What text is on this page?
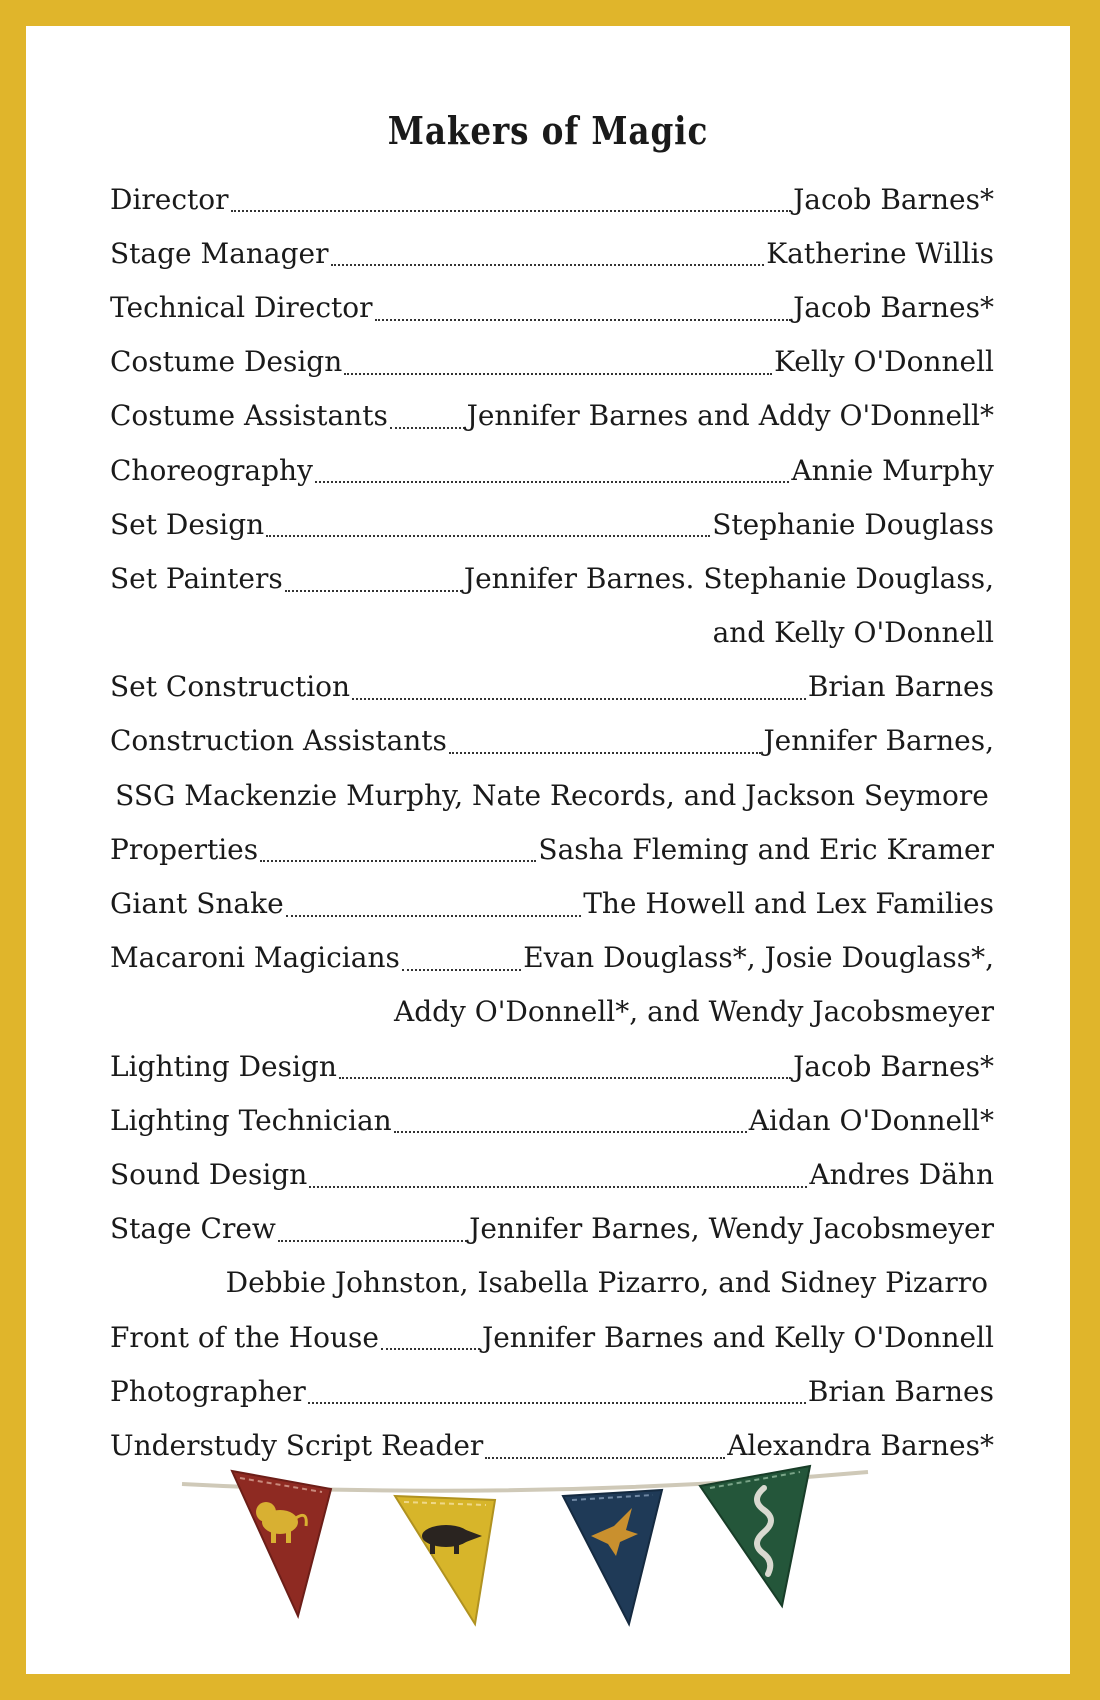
Makers of Magic
Director	Jacob Barnes*
Stage Manager	Katherine Willis
Technical Director	Jacob Barnes*
Costume Design	Kelly O'Donnell
Costume Assistants	Jennifer Barnes and Addy O'Donnell*
Choreography	Annie Murphy
Set Design	Stephanie Douglass
Set Painters	Jennifer Barnes. Stephanie Douglass,
and Kelly O'Donnell
Set Construction	Brian Barnes
Construction Assistants	Jennifer Barnes,
SSG Mackenzie Murphy, Nate Records, and Jackson Seymore
Properties	Sasha Fleming and Eric Kramer
Giant Snake	The Howell and Lex Families
Macaroni Magicians	Evan Douglass*, Josie Douglass*,
Addy O'Donnell*, and Wendy Jacobsmeyer
Lighting Design	Jacob Barnes*
Lighting Technician	Aidan O'Donnell*
Sound Design	Andres Dähn
Stage Crew	Jennifer Barnes, Wendy Jacobsmeyer
Debbie Johnston, Isabella Pizarro, and Sidney Pizarro
Front of the House	Jennifer Barnes and Kelly O'Donnell
Photographer	Brian Barnes
Understudy Script Reader	Alexandra Barnes*
